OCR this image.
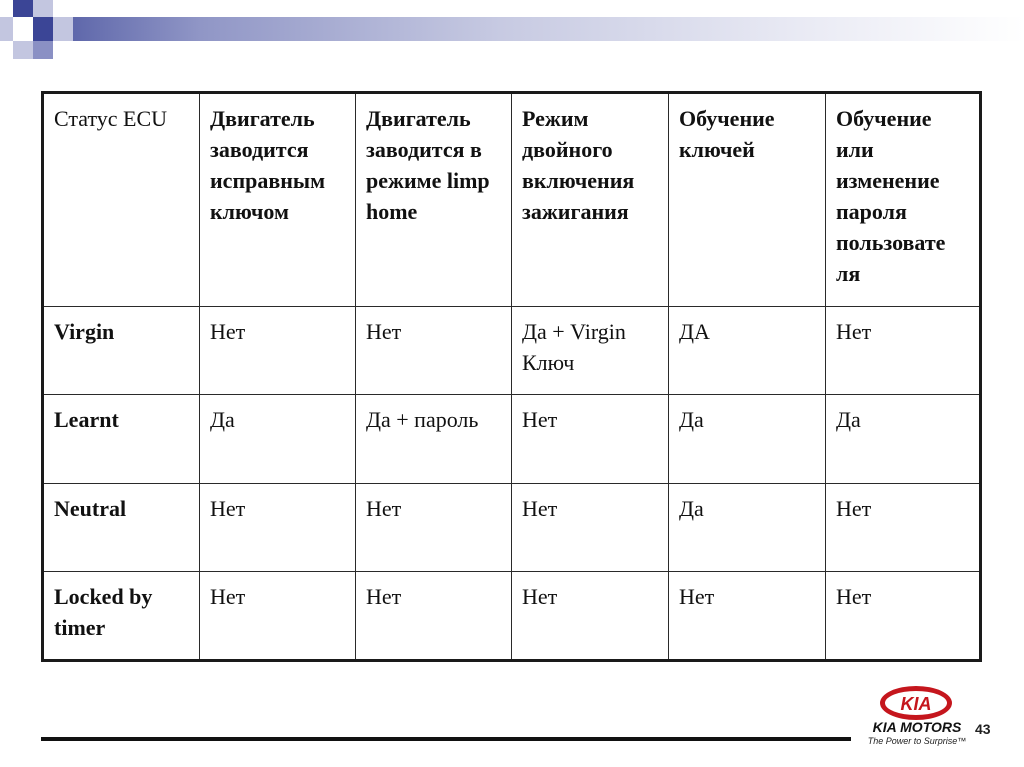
Статус ECU	Двигатель заводится исправным ключом	Двигатель заводится в режиме limp home	Режим двойного включения зажигания	Обучение ключей	Обучение или изменение пароля пользовате ля
Virgin	Нет	Нет	Да + Virgin Ключ	ДА	Нет
Learnt	Да	Да + пароль	Нет	Да	Да
Neutral	Нет	Нет	Нет	Да	Нет
Locked by timer	Нет	Нет	Нет	Нет	Нет
KIA
KIA MOTORS
The Power to Surprise™
43
